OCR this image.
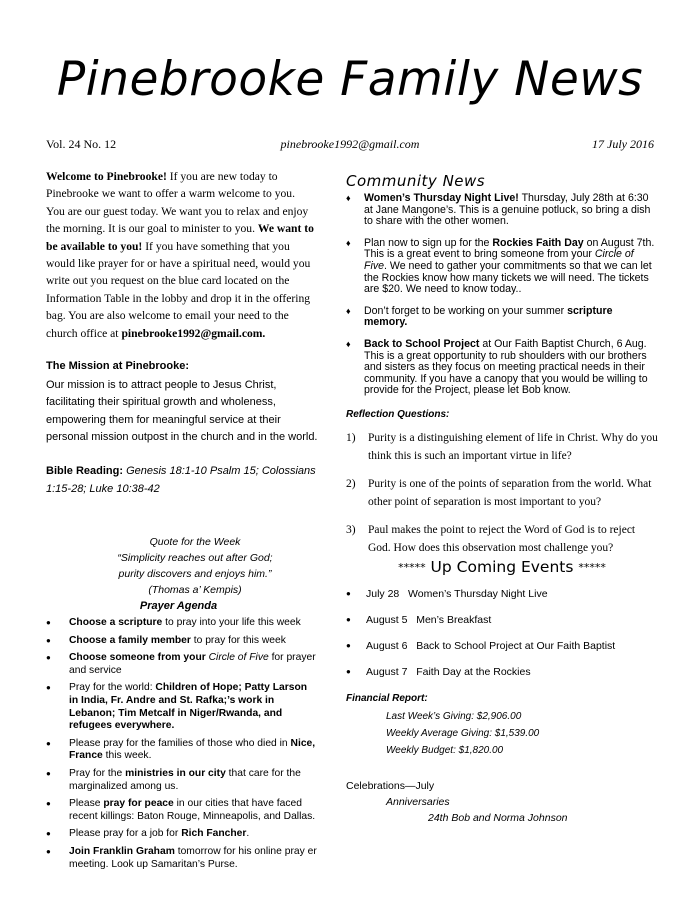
Pinebrooke Family News
Vol. 24 No. 12	pinebrooke1992@gmail.com	17 July 2016
Welcome to Pinebrooke! If you are new today to Pinebrooke we want to offer a warm welcome to you. You are our guest today. We want you to relax and enjoy the morning. It is our goal to minister to you. We want to be available to you! If you have something that you would like prayer for or have a spiritual need, would you write out you request on the blue card located on the Information Table in the lobby and drop it in the offering bag. You are also welcome to email your need to the church office at pinebrooke1992@gmail.com.
The Mission at Pinebrooke:
Our mission is to attract people to Jesus Christ, facilitating their spiritual growth and wholeness, empowering them for meaningful service at their personal mission outpost in the church and in the world.
Bible Reading: Genesis 18:1-10 Psalm 15; Colossians 1:15-28; Luke 10:38-42
Quote for the Week
“Simplicity reaches out after God;
purity discovers and enjoys him.”
(Thomas a’ Kempis)
Prayer Agenda
● Choose a scripture to pray into your life this week
● Choose a family member to pray for this week
● Choose someone from your Circle of Five for prayer and service
● Pray for the world: Children of Hope; Patty Larson in India, Fr. Andre and St. Rafka;’s work in Lebanon; Tim Metcalf in Niger/Rwanda, and refugees everywhere.
● Please pray for the families of those who died in Nice, France this week.
● Pray for the ministries in our city that care for the marginalized among us.
● Please pray for peace in our cities that have faced recent killings: Baton Rouge, Minneapolis, and Dallas.
● Please pray for a job for Rich Fancher.
● Join Franklin Graham tomorrow for his online pray er meeting. Look up Samaritan’s Purse.
Community News
♦ Women’s Thursday Night Live! Thursday, July 28th at 6:30 at Jane Mangone’s. This is a genuine potluck, so bring a dish to share with the other women.
♦ Plan now to sign up for the Rockies Faith Day on August 7th. This is a great event to bring someone from your Circle of Five. We need to gather your commitments so that we can let the Rockies know how many tickets we will need. The tickets are $20. We need to know today..
♦ Don’t forget to be working on your summer scripture memory.
♦ Back to School Project at Our Faith Baptist Church, 6 Aug. This is a great opportunity to rub shoulders with our brothers and sisters as they focus on meeting practical needs in their community. If you have a canopy that you would be willing to provide for the Project, please let Bob know.
Reflection Questions:
1) Purity is a distinguishing element of life in Christ. Why do you think this is such an important virtue in life?
2) Purity is one of the points of separation from the world. What other point of separation is most important to you?
3) Paul makes the point to reject the Word of God is to reject God. How does this observation most challenge you?
***** Up Coming Events *****
● July 28 Women’s Thursday Night Live
● August 5 Men’s Breakfast
● August 6 Back to School Project at Our Faith Baptist
● August 7 Faith Day at the Rockies
Financial Report:
Last Week’s Giving: $2,906.00
Weekly Average Giving: $1,539.00
Weekly Budget: $1,820.00
Celebrations—July
Anniversaries
24th Bob and Norma Johnson
